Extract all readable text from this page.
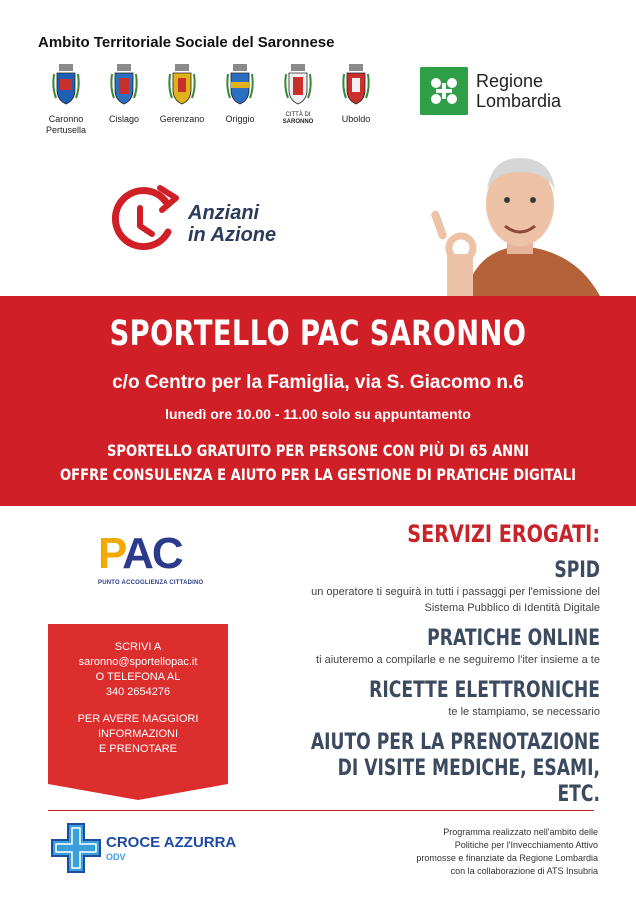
Ambito Territoriale Sociale del Saronnese
Caronno Pertusella
Cislago Gerenzano Origgio	CITTÀ DI
SARONNO	Uboldo
Regione
Lombardia
Anziani
in Azione
SPORTELLO PAC SARONNO
c/o Centro per la Famiglia, via S. Giacomo n.6
lunedì ore 10.00 - 11.00 solo su appuntamento
SPORTELLO GRATUITO PER PERSONE CON PIÙ DI 65 ANNI
OFFRE CONSULENZA E AIUTO PER LA GESTIONE DI PRATICHE DIGITALI
PAC
PUNTO ACCOGLIENZA CITTADINO
SCRIVI A
saronno@sportellopac.it
O TELEFONA AL
340 2654276
PER AVERE MAGGIORI
INFORMAZIONI
E PRENOTARE
SERVIZI EROGATI:
SPID
un operatore ti seguirà in tutti i passaggi per l'emissione del
Sistema Pubblico di Identità Digitale
PRATICHE ONLINE
ti aiuteremo a compilarle e ne seguiremo l'iter insieme a te
RICETTE ELETTRONICHE
te le stampiamo, se necessario
AIUTO PER LA PRENOTAZIONE
DI VISITE MEDICHE, ESAMI, ETC.
CROCE AZZURRA
ODV
Programma realizzato nell'ambito delle
Politiche per l'Invecchiamento Attivo
promosse e finanziate da Regione Lombardia
con la collaborazione di ATS Insubria
